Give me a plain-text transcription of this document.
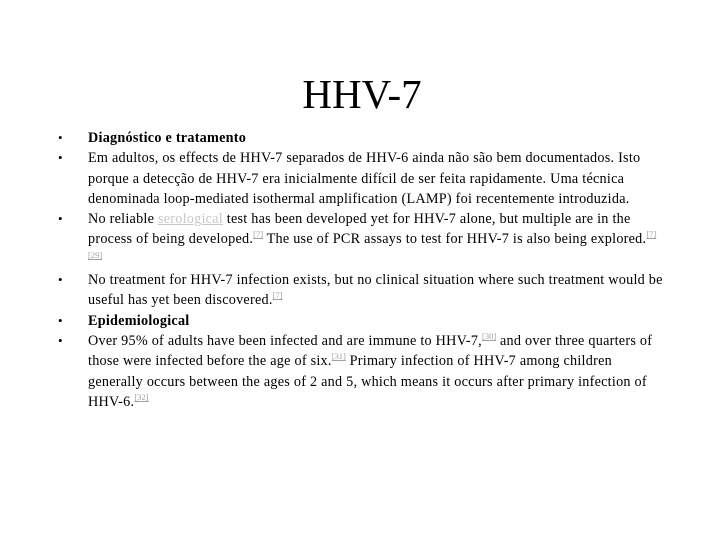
HHV-7
•	Diagnóstico e tratamento
•	Em adultos, os effects de HHV-7 separados de HHV-6 ainda não são bem documentados. Isto porque a detecção de HHV-7 era inicialmente difícil de ser feita rapidamente. Uma técnica denominada loop-mediated isothermal amplification (LAMP) foi recentemente introduzida.
•	No reliable serological test has been developed yet for HHV-7 alone, but multiple are in the process of being developed.[7] The use of PCR assays to test for HHV-7 is also being explored.[7][29]
•	No treatment for HHV-7 infection exists, but no clinical situation where such treatment would be useful has yet been discovered.[7]
•	Epidemiological
•	Over 95% of adults have been infected and are immune to HHV-7,[30] and over three quarters of those were infected before the age of six.[31] Primary infection of HHV-7 among children generally occurs between the ages of 2 and 5, which means it occurs after primary infection of HHV-6.[32]
